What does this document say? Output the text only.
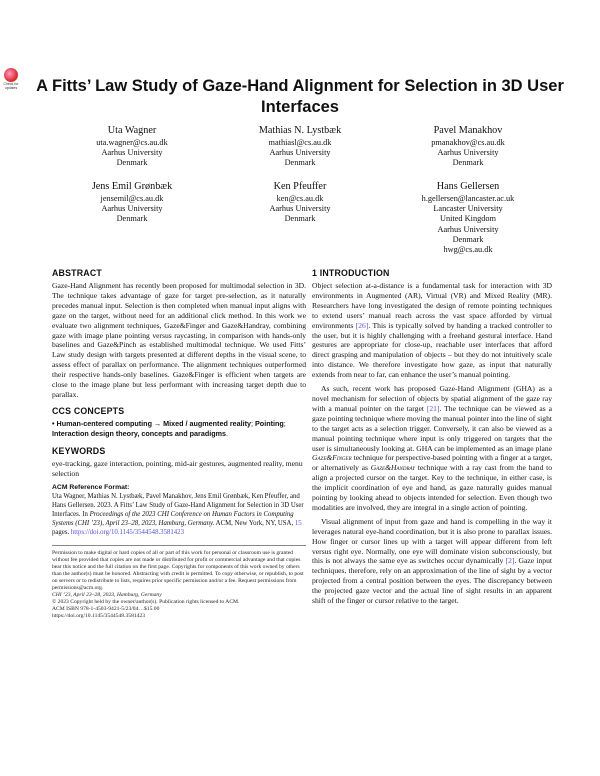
Check for updates A Fitts’ Law Study of Gaze-Hand Alignment for Selection in 3D User Interfaces
Uta Wagner
uta.wagner@cs.au.dk
Aarhus University
Denmark
Mathias N. Lystbæk
mathiasl@cs.au.dk
Aarhus University
Denmark
Pavel Manakhov
pmanakhov@cs.au.dk
Aarhus University
Denmark
Jens Emil Grønbæk
jensemil@cs.au.dk
Aarhus University
Denmark
Ken Pfeuffer
ken@cs.au.dk
Aarhus University
Denmark
Hans Gellersen
h.gellersen@lancaster.ac.uk
Lancaster University
United Kingdom
Aarhus University
Denmark
hwg@cs.au.dk
ABSTRACT

Gaze-Hand Alignment has recently been proposed for multimodal selection in 3D. The technique takes advantage of gaze for target pre-selection, as it naturally precedes manual input. Selection is then completed when manual input aligns with gaze on the target, without need for an additional click method. In this work we evaluate two alignment techniques, Gaze&Finger and Gaze&Handray, combining gaze with image plane pointing versus raycasting, in comparison with hands-only baselines and Gaze&Pinch as established multimodal technique. We used Fitts’ Law study design with targets presented at different depths in the visual scene, to assess effect of parallax on performance. The alignment techniques outperformed their respective hands-only baselines. Gaze&Finger is efficient when targets are close to the image plane but less performant with increasing target depth due to parallax.

CCS CONCEPTS
• Human-centered computing → Mixed / augmented reality; Pointing; Interaction design theory, concepts and paradigms.
KEYWORDS

eye-tracking, gaze interaction, pointing, mid-air gestures, augmented reality, menu selection

ACM Reference Format:
Uta Wagner, Mathias N. Lystbæk, Pavel Manakhov, Jens Emil Grønbæk, Ken Pfeuffer, and Hans Gellersen. 2023. A Fitts’ Law Study of Gaze-Hand Alignment for Selection in 3D User Interfaces. In Proceedings of the 2023 CHI Conference on Human Factors in Computing Systems (CHI ’23), April 23–28, 2023, Hamburg, Germany. ACM, New York, NY, USA, 15 pages. https://doi.org/10.1145/3544548.3581423
Permission to make digital or hard copies of all or part of this work for personal or classroom use is granted without fee provided that copies are not made or distributed for profit or commercial advantage and that copies bear this notice and the full citation on the first page. Copyrights for components of this work owned by others than the author(s) must be honored. Abstracting with credit is permitted. To copy otherwise, or republish, to post on servers or to redistribute to lists, requires prior specific permission and/or a fee. Request permissions from permissions@acm.org.
CHI ’23, April 23–28, 2023, Hamburg, Germany
© 2023 Copyright held by the owner/author(s). Publication rights licensed to ACM.
ACM ISBN 978-1-4503-9421-5/23/04…$15.00
https://doi.org/10.1145/3544548.3581423
1 INTRODUCTION

Object selection at-a-distance is a fundamental task for interaction with 3D environments in Augmented (AR), Virtual (VR) and Mixed Reality (MR). Researchers have long investigated the design of remote pointing techniques to extend users’ manual reach across the vast space afforded by virtual environments [26]. This is typically solved by handing a tracked controller to the user, but it is highly challenging with a freehand gestural interface. Hand gestures are appropriate for close-up, reachable user interfaces that afford direct grasping and manipulation of objects – but they do not intuitively scale into distance. We therefore investigate how gaze, as input that naturally extends from near to far, can enhance the user’s manual pointing.

As such, recent work has proposed Gaze-Hand Alignment (GHA) as a novel mechanism for selection of objects by spatial alignment of the gaze ray with a manual pointer on the target [21]. The technique can be viewed as a gaze pointing technique where moving the manual pointer into the line of sight to the target acts as a selection trigger. Conversely, it can also be viewed as a manual pointing technique where input is only triggered on targets that the user is simultaneously looking at. GHA can be implemented as an image plane Gaze&Finger technique for perspective-based pointing with a finger at a target, or alternatively as Gaze&Handray technique with a ray cast from the hand to align a projected cursor on the target. Key to the technique, in either case, is the implicit coordination of eye and hand, as gaze naturally guides manual pointing by looking ahead to objects intended for selection. Even though two modalities are involved, they are integral in a single action of pointing.

Visual alignment of input from gaze and hand is compelling in the way it leverages natural eye-hand coordination, but it is also prone to parallax issues. How finger or cursor lines up with a target will appear different from left versus right eye. Normally, one eye will dominate vision subconsciously, but this is not always the same eye as switches occur dynamically [2]. Gaze input techniques, therefore, rely on an approximation of the line of sight by a vector projected from a central position between the eyes. The discrepancy between the projected gaze vector and the actual line of sight results in an apparent shift of the finger or cursor relative to the target.
